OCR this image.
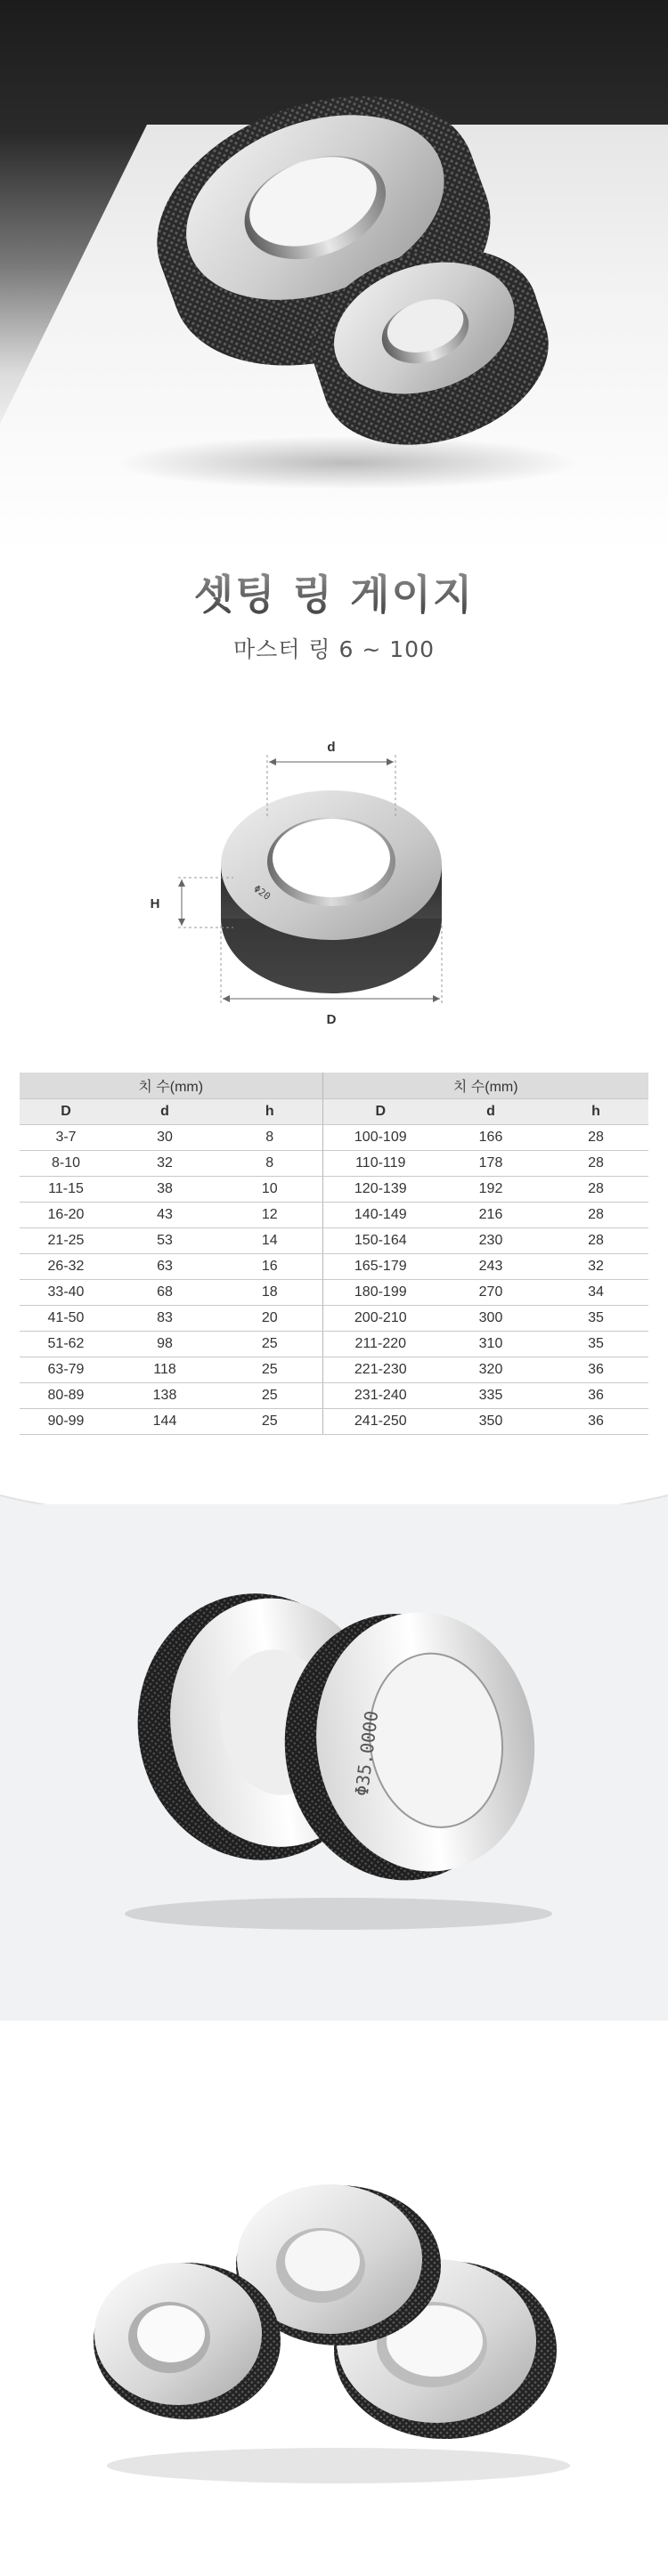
셋팅 링 게이지
마스터 링 6 ~ 100
Φ20
d
H
D
치 수(mm)			치 수(mm)		
D	d	h	D	d	h
3-7	30	8	100-109	166	28
8-10	32	8	110-119	178	28
11-15	38	10	120-139	192	28
16-20	43	12	140-149	216	28
21-25	53	14	150-164	230	28
26-32	63	16	165-179	243	32
33-40	68	18	180-199	270	34
41-50	83	20	200-210	300	35
51-62	98	25	211-220	310	35
63-79	118	25	221-230	320	36
80-89	138	25	231-240	335	36
90-99	144	25	241-250	350	36
Φ35.0000
